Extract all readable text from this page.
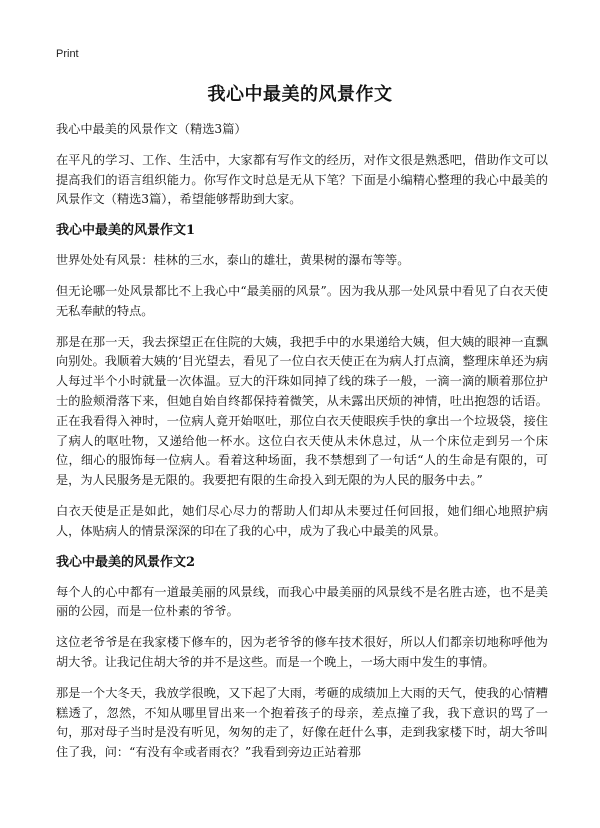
Print
我心中最美的风景作文

我心中最美的风景作文（精选3篇）

在平凡的学习、工作、生活中，大家都有写作文的经历，对作文很是熟悉吧，借助作文可以提高我们的语言组织能力。你写作文时总是无从下笔？下面是小编精心整理的我心中最美的风景作文（精选3篇），希望能够帮助到大家。

我心中最美的风景作文1

世界处处有风景：桂林的三水，泰山的雄壮，黄果树的瀑布等等。

但无论哪一处风景都比不上我心中“最美丽的风景”。因为我从那一处风景中看见了白衣天使无私奉献的特点。

那是在那一天，我去探望正在住院的大姨，我把手中的水果递给大姨，但大姨的眼神一直飘向别处。我顺着大姨的‘目光望去，看见了一位白衣天使正在为病人打点滴，整理床单还为病人每过半个小时就量一次体温。豆大的汗珠如同掉了线的珠子一般，一滴一滴的顺着那位护士的脸颊滑落下来，但她自始自终都保持着微笑，从未露出厌烦的神情，吐出抱怨的话语。正在我看得入神时，一位病人竟开始呕吐，那位白衣天使眼疾手快的拿出一个垃圾袋，接住了病人的呕吐物，又递给他一杯水。这位白衣天使从未休息过，从一个床位走到另一个床位，细心的服饰每一位病人。看着这种场面，我不禁想到了一句话“人的生命是有限的，可是，为人民服务是无限的。我要把有限的生命投入到无限的为人民的服务中去。”

白衣天使是正是如此，她们尽心尽力的帮助人们却从未要过任何回报，她们细心地照护病人，体贴病人的情景深深的印在了我的心中，成为了我心中最美的风景。

我心中最美的风景作文2

每个人的心中都有一道最美丽的风景线，而我心中最美丽的风景线不是名胜古迹，也不是美丽的公园，而是一位朴素的爷爷。

这位老爷爷是在我家楼下修车的，因为老爷爷的修车技术很好，所以人们都亲切地称呼他为胡大爷。让我记住胡大爷的并不是这些。而是一个晚上，一场大雨中发生的事情。

那是一个大冬天，我放学很晚，又下起了大雨，考砸的成绩加上大雨的天气，使我的心情糟糕透了，忽然，不知从哪里冒出来一个抱着孩子的母亲，差点撞了我，我下意识的骂了一句，那对母子当时是没有听见，匆匆的走了，好像在赶什么事，走到我家楼下时，胡大爷叫住了我，问：“有没有伞或者雨衣？”我看到旁边正站着那
